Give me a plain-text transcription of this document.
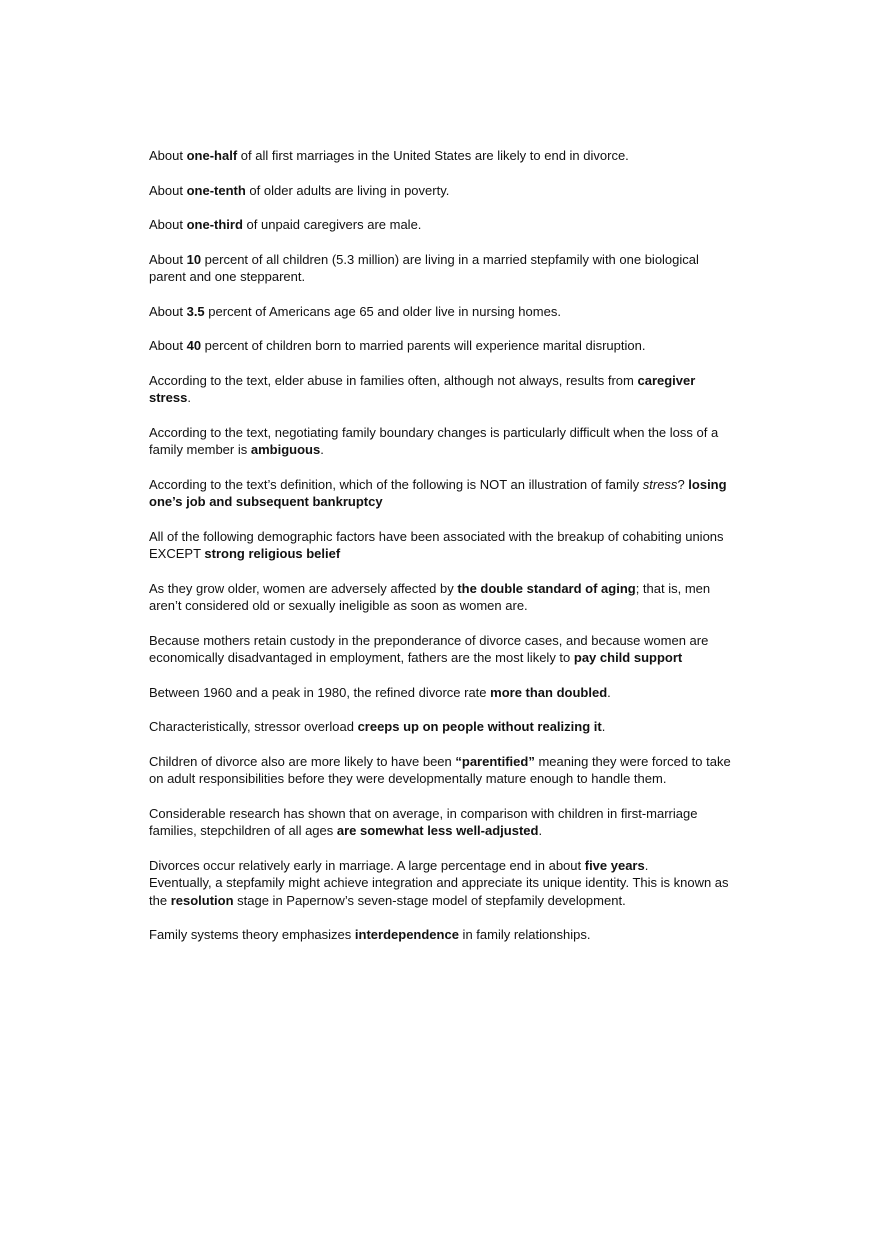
About one-half of all first marriages in the United States are likely to end in divorce.

About one-tenth of older adults are living in poverty.

About one-third of unpaid caregivers are male.

About 10 percent of all children (5.3 million) are living in a married stepfamily with one biological parent and one stepparent.

About 3.5 percent of Americans age 65 and older live in nursing homes.

About 40 percent of children born to married parents will experience marital disruption.

According to the text, elder abuse in families often, although not always, results from caregiver stress.

According to the text, negotiating family boundary changes is particularly difficult when the loss of a family member is ambiguous.

According to the text’s definition, which of the following is NOT an illustration of family stress? losing one’s job and subsequent bankruptcy

All of the following demographic factors have been associated with the breakup of cohabiting unions EXCEPT strong religious belief

As they grow older, women are adversely affected by the double standard of aging; that is, men aren’t considered old or sexually ineligible as soon as women are.

Because mothers retain custody in the preponderance of divorce cases, and because women are economically disadvantaged in employment, fathers are the most likely to pay child support

Between 1960 and a peak in 1980, the refined divorce rate more than doubled.

Characteristically, stressor overload creeps up on people without realizing it.

Children of divorce also are more likely to have been “parentified” meaning they were forced to take on adult responsibilities before they were developmentally mature enough to handle them.

Considerable research has shown that on average, in comparison with children in first-marriage families, stepchildren of all ages are somewhat less well-adjusted.

Divorces occur relatively early in marriage. A large percentage end in about five years.

Eventually, a stepfamily might achieve integration and appreciate its unique identity. This is known as the resolution stage in Papernow’s seven-stage model of stepfamily development.

Family systems theory emphasizes interdependence in family relationships.
